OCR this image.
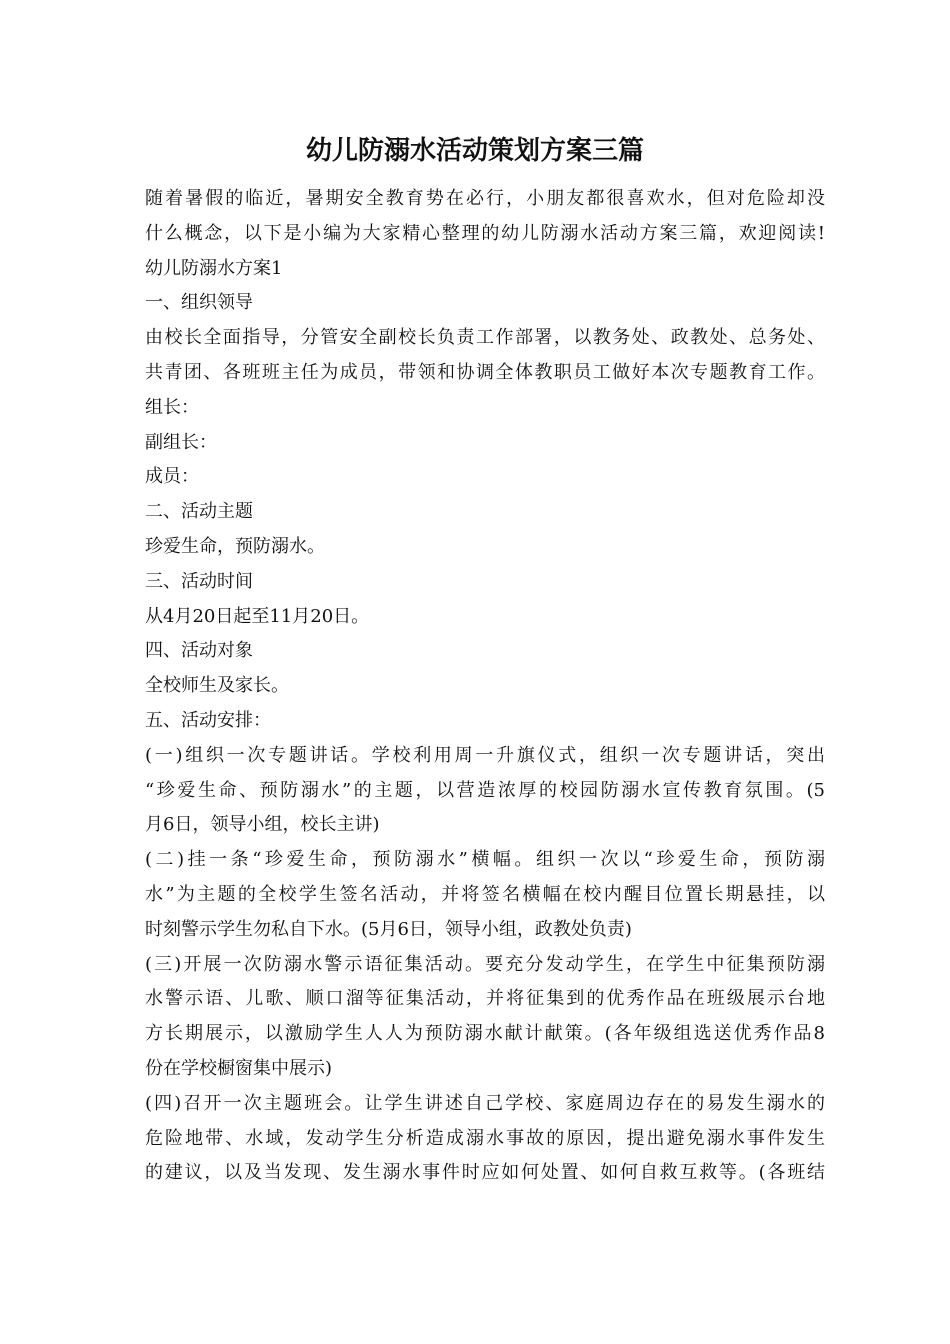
幼儿防溺水活动策划方案三篇
随着暑假的临近，暑期安全教育势在必行，小朋友都很喜欢水，但对危险却没
什么概念，以下是小编为大家精心整理的幼儿防溺水活动方案三篇，欢迎阅读!
幼儿防溺水方案1
一、组织领导
由校长全面指导，分管安全副校长负责工作部署，以教务处、政教处、总务处、
共青团、各班班主任为成员，带领和协调全体教职员工做好本次专题教育工作。
组长：
副组长：
成员：
二、活动主题
珍爱生命，预防溺水。
三、活动时间
从4月20日起至11月20日。
四、活动对象
全校师生及家长。
五、活动安排：
(一)组织一次专题讲话。学校利用周一升旗仪式，组织一次专题讲话，突出
“珍爱生命、预防溺水”的主题，以营造浓厚的校园防溺水宣传教育氛围。(5
月6日，领导小组，校长主讲)
(二)挂一条“珍爱生命，预防溺水”横幅。组织一次以“珍爱生命，预防溺
水”为主题的全校学生签名活动，并将签名横幅在校内醒目位置长期悬挂，以
时刻警示学生勿私自下水。(5月6日，领导小组，政教处负责)
(三)开展一次防溺水警示语征集活动。要充分发动学生，在学生中征集预防溺
水警示语、儿歌、顺口溜等征集活动，并将征集到的优秀作品在班级展示台地
方长期展示，以激励学生人人为预防溺水献计献策。(各年级组选送优秀作品8
份在学校橱窗集中展示)
(四)召开一次主题班会。让学生讲述自己学校、家庭周边存在的易发生溺水的
危险地带、水域，发动学生分析造成溺水事故的原因，提出避免溺水事件发生
的建议，以及当发现、发生溺水事件时应如何处置、如何自救互救等。(各班结
